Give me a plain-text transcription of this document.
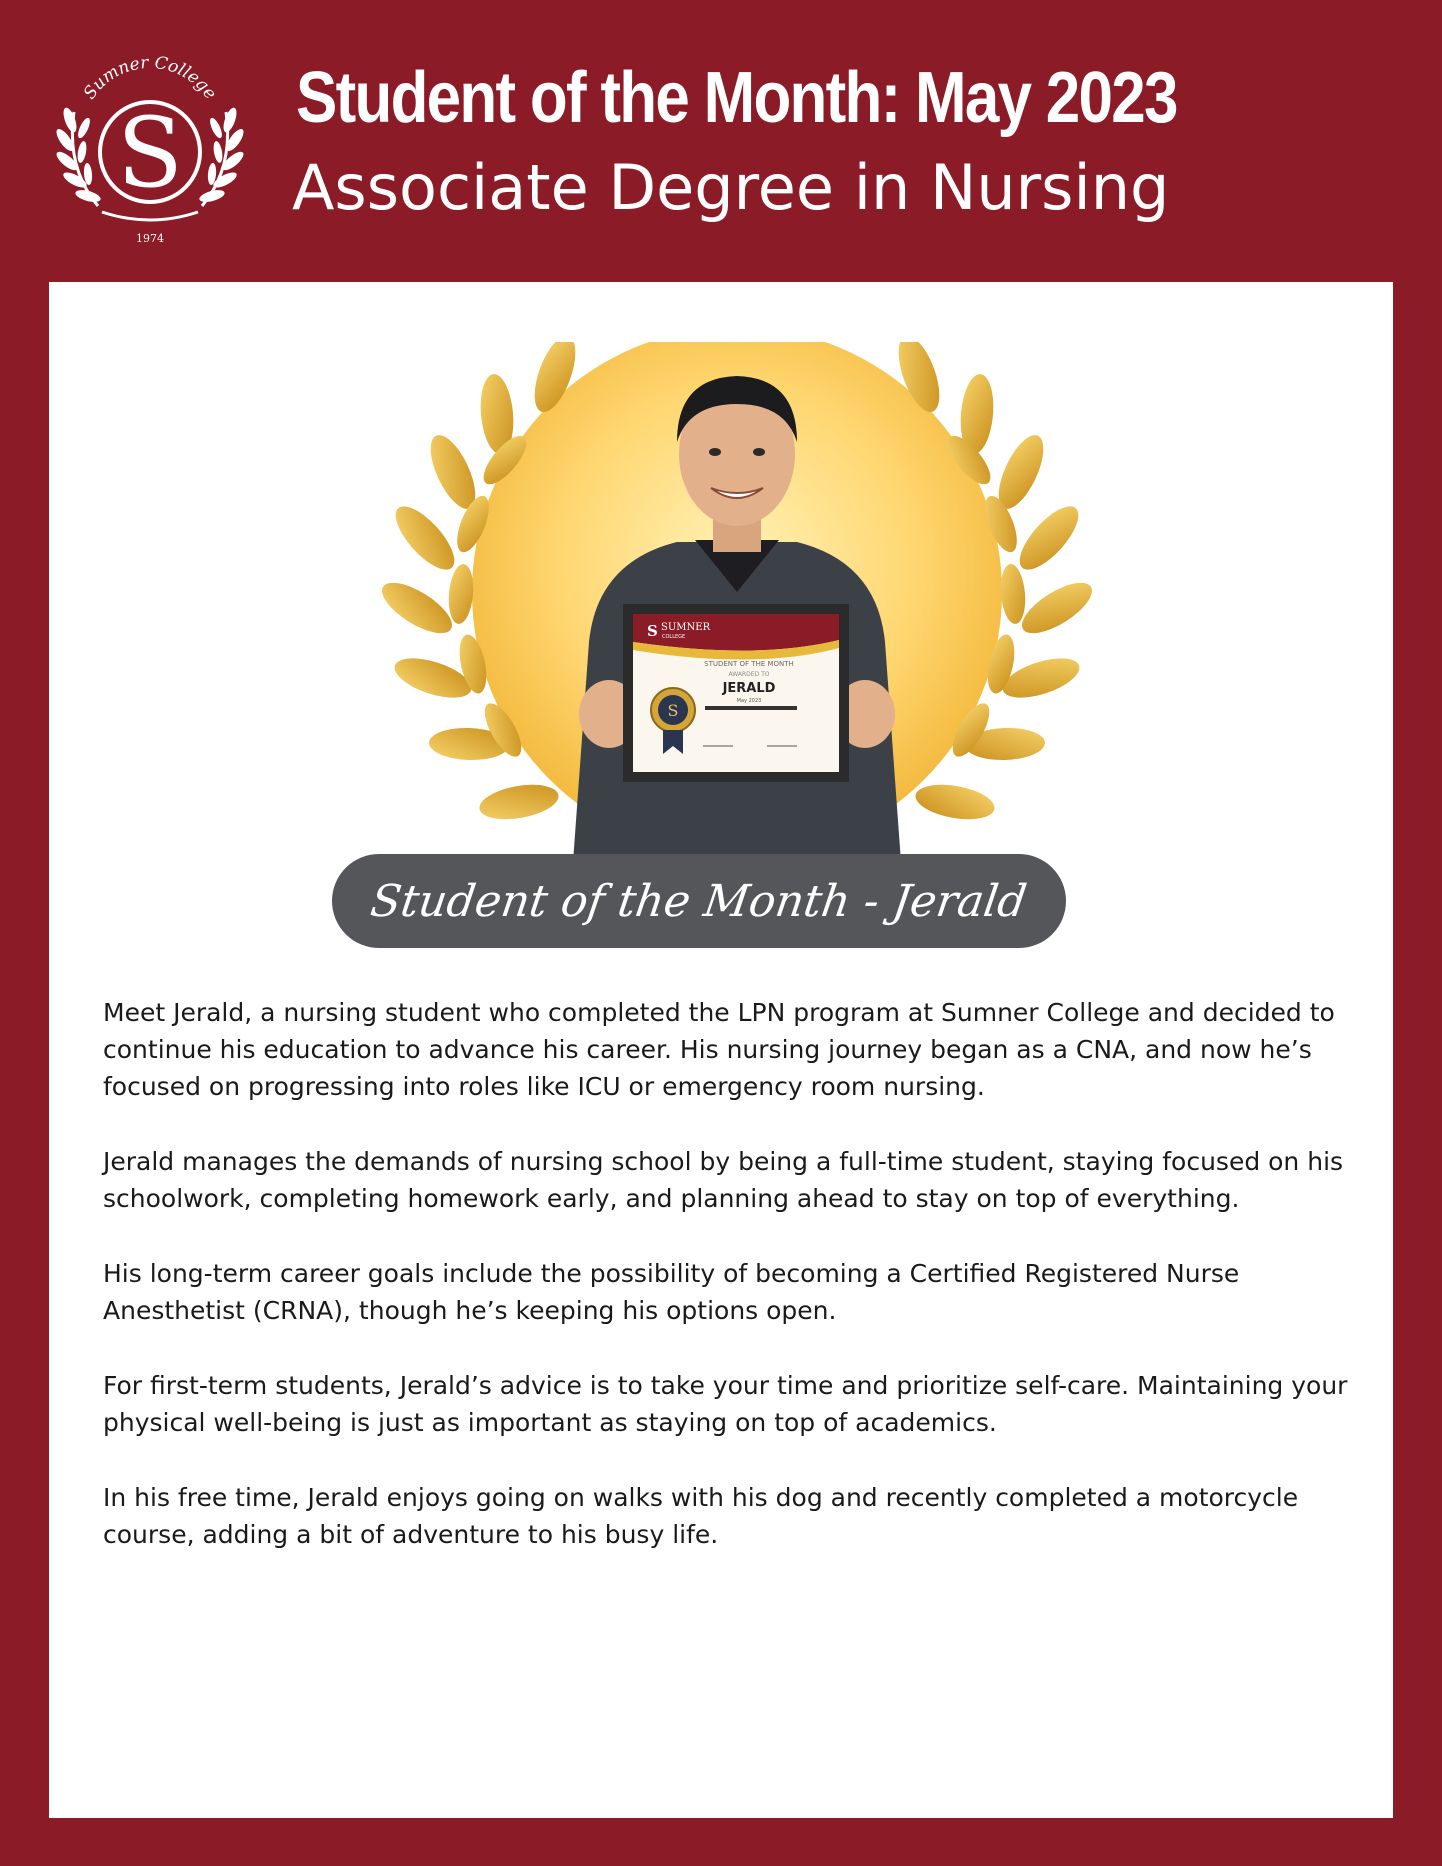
Sumner College
S
1974
Student of the Month: May 2023
Associate Degree in Nursing
S SUMNER
COLLEGE
STUDENT OF THE MONTH
AWARDED TO
JERALD
May 2023
S
Student of the Month - Jerald

Meet Jerald, a nursing student who completed the LPN program at Sumner College and decided to continue his education to advance his career. His nursing journey began as a CNA, and now he’s focused on progressing into roles like ICU or emergency room nursing.

Jerald manages the demands of nursing school by being a full-time student, staying focused on his schoolwork, completing homework early, and planning ahead to stay on top of everything.

His long-term career goals include the possibility of becoming a Certified Registered Nurse Anesthetist (CRNA), though he’s keeping his options open.

For first-term students, Jerald’s advice is to take your time and prioritize self-care. Maintaining your physical well-being is just as important as staying on top of academics.

In his free time, Jerald enjoys going on walks with his dog and recently completed a motorcycle course, adding a bit of adventure to his busy life.
